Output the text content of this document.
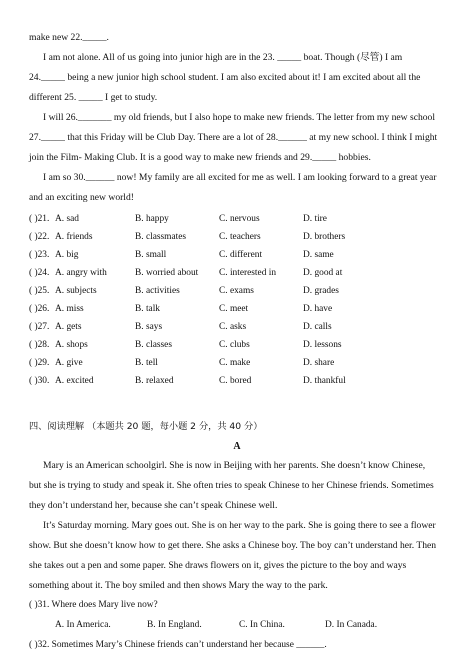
make new 22._____.
I am not alone. All of us going into junior high are in the 23. _____ boat. Though (尽管) I am
24._____ being a new junior high school student. I am also excited about it! I am excited about all the
different 25. _____ I get to study.
I will 26._______ my old friends, but I also hope to make new friends. The letter from my new school
27._____ that this Friday will be Club Day. There are a lot of 28.______ at my new school. I think I might
join the Film- Making Club. It is a good way to make new friends and 29._____ hobbies.
I am so 30.______ now! My family are all excited for me as well. I am looking forward to a great year
and an exciting new world!
( )21. A. sad	B. happy	C. nervous	D. tire
( )22. A. friends	B. classmates	C. teachers	D. brothers
( )23. A. big	B. small	C. different	D. same
( )24. A. angry with	B. worried about C. interested in	D. good at
( )25. A. subjects	B. activities	C. exams	D. grades
( )26. A. miss	B. talk	C. meet	D. have
( )27. A. gets	B. says	C. asks	D. calls
( )28. A. shops	B. classes	C. clubs	D. lessons
( )29. A. give	B. tell	C. make	D. share
( )30. A. excited	B. relaxed	C. bored	D. thankful
四、阅读理解 （本题共 20 题，每小题 2 分，共 40 分）
A
Mary is an American schoolgirl. She is now in Beijing with her parents. She doesn’t know Chinese,
but she is trying to study and speak it. She often tries to speak Chinese to her Chinese friends. Sometimes
they don’t understand her, because she can’t speak Chinese well.
It’s Saturday morning. Mary goes out. She is on her way to the park. She is going there to see a flower
show. But she doesn’t know how to get there. She asks a Chinese boy. The boy can’t understand her. Then
she takes out a pen and some paper. She draws flowers on it, gives the picture to the boy and ways
something about it. The boy smiled and then shows Mary the way to the park.
( )31. Where does Mary live now?
A. In America.	B. In England.	C. In China.	D. In Canada.
( )32. Sometimes Mary’s Chinese friends can’t understand her because ______.
